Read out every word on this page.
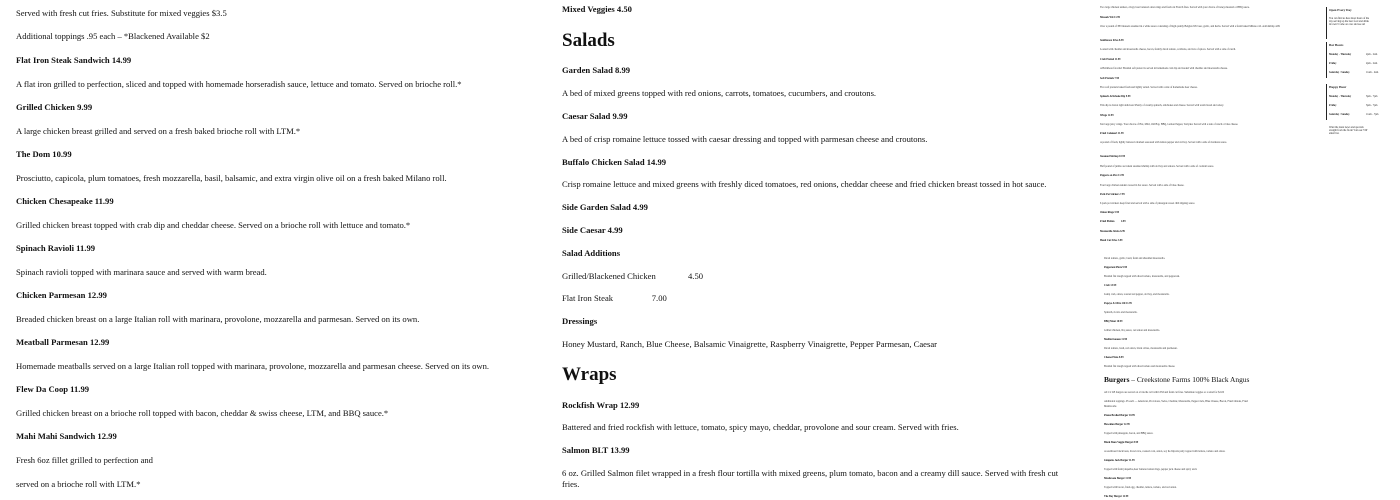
Served with fresh cut fries. Substitute for mixed veggies $3.5

Additional toppings .95 each – *Blackened Available $2

Flat Iron Steak Sandwich 14.99

A flat iron grilled to perfection, sliced and topped with homemade horseradish sauce, lettuce and tomato. Served on brioche roll.*

Grilled Chicken 9.99

A large chicken breast grilled and served on a fresh baked brioche roll with LTM.*

The Dom 10.99

Prosciutto, capicola, plum tomatoes, fresh mozzarella, basil, balsamic, and extra virgin olive oil on a fresh baked Milano roll.

Chicken Chesapeake 11.99

Grilled chicken breast topped with crab dip and cheddar cheese. Served on a brioche roll with lettuce and tomato.*

Spinach Ravioli 11.99

Spinach ravioli topped with marinara sauce and served with warm bread.

Chicken Parmesan 12.99

Breaded chicken breast on a large Italian roll with marinara, provolone, mozzarella and parmesan. Served on its own.

Meatball Parmesan 12.99

Homemade meatballs served on a large Italian roll topped with marinara, provolone, mozzarella and parmesan cheese. Served on its own.

Flew Da Coop 11.99

Grilled chicken breast on a brioche roll topped with bacon, cheddar & swiss cheese, LTM, and BBQ sauce.*

Mahi Mahi Sandwich 12.99

Fresh 6oz fillet grilled to perfection and

served on a brioche roll with LTM.*

Mixed Veggies 4.50

Salads

Garden Salad 8.99

A bed of mixed greens topped with red onions, carrots, tomatoes, cucumbers, and croutons.

Caesar Salad 9.99

A bed of crisp romaine lettuce tossed with caesar dressing and topped with parmesan cheese and croutons.

Buffalo Chicken Salad 14.99

Crisp romaine lettuce and mixed greens with freshly diced tomatoes, red onions, cheddar cheese and fried chicken breast tossed in hot sauce.

Side Garden Salad 4.99

Side Caesar 4.99

Salad Additions

Grilled/Blackened Chicken               4.50

Flat Iron Steak                  7.00

Dressings

Honey Mustard, Ranch, Blue Cheese, Balsamic Vinaigrette, Raspberry Vinaigrette, Pepper Parmesan, Caesar

Wraps

Rockfish Wrap 12.99

Battered and fried rockfish with lettuce, tomato, spicy mayo, cheddar, provolone and sour cream. Served with fries.

Salmon BLT 13.99

6 oz. Grilled Salmon filet wrapped in a fresh flour tortilla with mixed greens, plum tomato, bacon and a creamy dill sauce. Served with fresh cut fries.

Two large chicken tenders, crispy beer battered onion rings and fresh cut French fries. Served with your choice of honey mustard or BBQ sauce.

Mussels Wit 11.99

Over a pound of PEI mussels steamed in a white sauce consisting of high quality Belgian Wit beer, garlic, and herbs. Served with a fresh baked Milano roll. Add shrimp 4.99

Smithtown Fries 8.99

Loaded with cheddar and mozzarella cheese, bacon, freshly diced tomato, scallions, and lots of spices. Served with a side of ranch.

Crab Pretzel 11.99

A Baltimore favorite! Braided soft pretzel is served in homemade crab dip and loaded with cheddar and mozzarella cheese.

Soft Pretzels 7.99

Five soft pretzels baked fresh and lightly salted. Served with a side of homemade beer cheese.

Spinach Artichoke Dip 9.99

This dip is drawn right delicious! Plenty of creamy spinach, artichokes and cheese. Served with warm bread and celery.

Wings 12.99

Ten large juicy wings. Your choice of Hot, Mild, Old Bay, BBQ, Lemon Pepper, Teriyaki. Served with a side of ranch or blue cheese.

Fried Calamari 11.99

A pound of fresh, lightly battered calamari seasoned with lemon pepper and old bay. Served with a side of marinara sauce.

Steamed Shrimp 10.99

Half pound of jumbo succulent steamed shrimp with old bay and onions. Served with a side of cocktail sauce.

Peppers on Fire 11.99

Four large chicken tenders tossed in hot sauce. Served with a side of blue cheese.

Pork Pot Stickers 7.99

6 pork pot stickers deep fried and served with a side of pineapple sweet chili dipping sauce.

Onion Rings 5.99

Fried Pickles          4.99

Mozzarella Sticks 6.99

Hand Cut Fries 3.99

Diced tomato, garlic, basil, fresh and shredded mozzarella.

Pepperoni Pizza 9.99

Braided flat dough topped with diced tomato, mozzarella, and pepperoni.

Crab 13.99

Lump crab, onion, roasted red pepper, old bay, and mozzarella.

Popeye & Olive Oil 11.99

Spinach, ricotta and mozzarella.

BBQ Meat 10.99

Grilled chicken, bbq sauce, red onion and mozzarella.

Mediterranean 11.99

Diced tomato, basil, red onion, black olives, mozzarella and parmesan.

Cheese Pizza 8.99

Braided flat dough topped with diced tomato and mozzarella cheese.

Burgers – Creekstone Farms 100% Black Angus

All 1/2 LB burgers are served on a brioche roll with LTM and fresh cut fries. Substitute veggies or a salad for $2.00

Additional toppings .95 each — American, Provolone, Swiss, Cheddar, Mozzarella, Pepper Jack, Blue Cheese, Bacon, Fried Onions, Fried

Mushrooms

Flame Broiled Burger 10.99

Hawaiian Burger 12.99

Topped with pineapple, bacon, and BBQ sauce.

Black Bean Veggie Burger 8.99

A southwest black bean, brown rice, roasted corn, onion, soy & chipotle patty topped with lettuce, tomato and onion.

Jalapeño Jack Burger 11.99

Topped with fresh jalapeños,beer battered onion rings, pepper jack cheese and spicy aioli.

Mushroom Burger 11.99

Topped with bacon, fried egg, cheddar, lettuce, tomato, and red onion.

The Bay Burger 12.99

Open Every Day

You can find us here most hours of the day serving up the best food and drink in town! Come on over and see us!

Bar Hours

Monday - Thursday	2pm - 2am

Friday	2pm - 2am

Saturday / Sunday	11am - 2am

Happy Hour

Monday - Thursday	3pm - 7pm

Friday	3pm - 7pm

Saturday / Sunday	11am - 7pm

Want the latest news and specials straight from the flock? Join our VIP email list.
